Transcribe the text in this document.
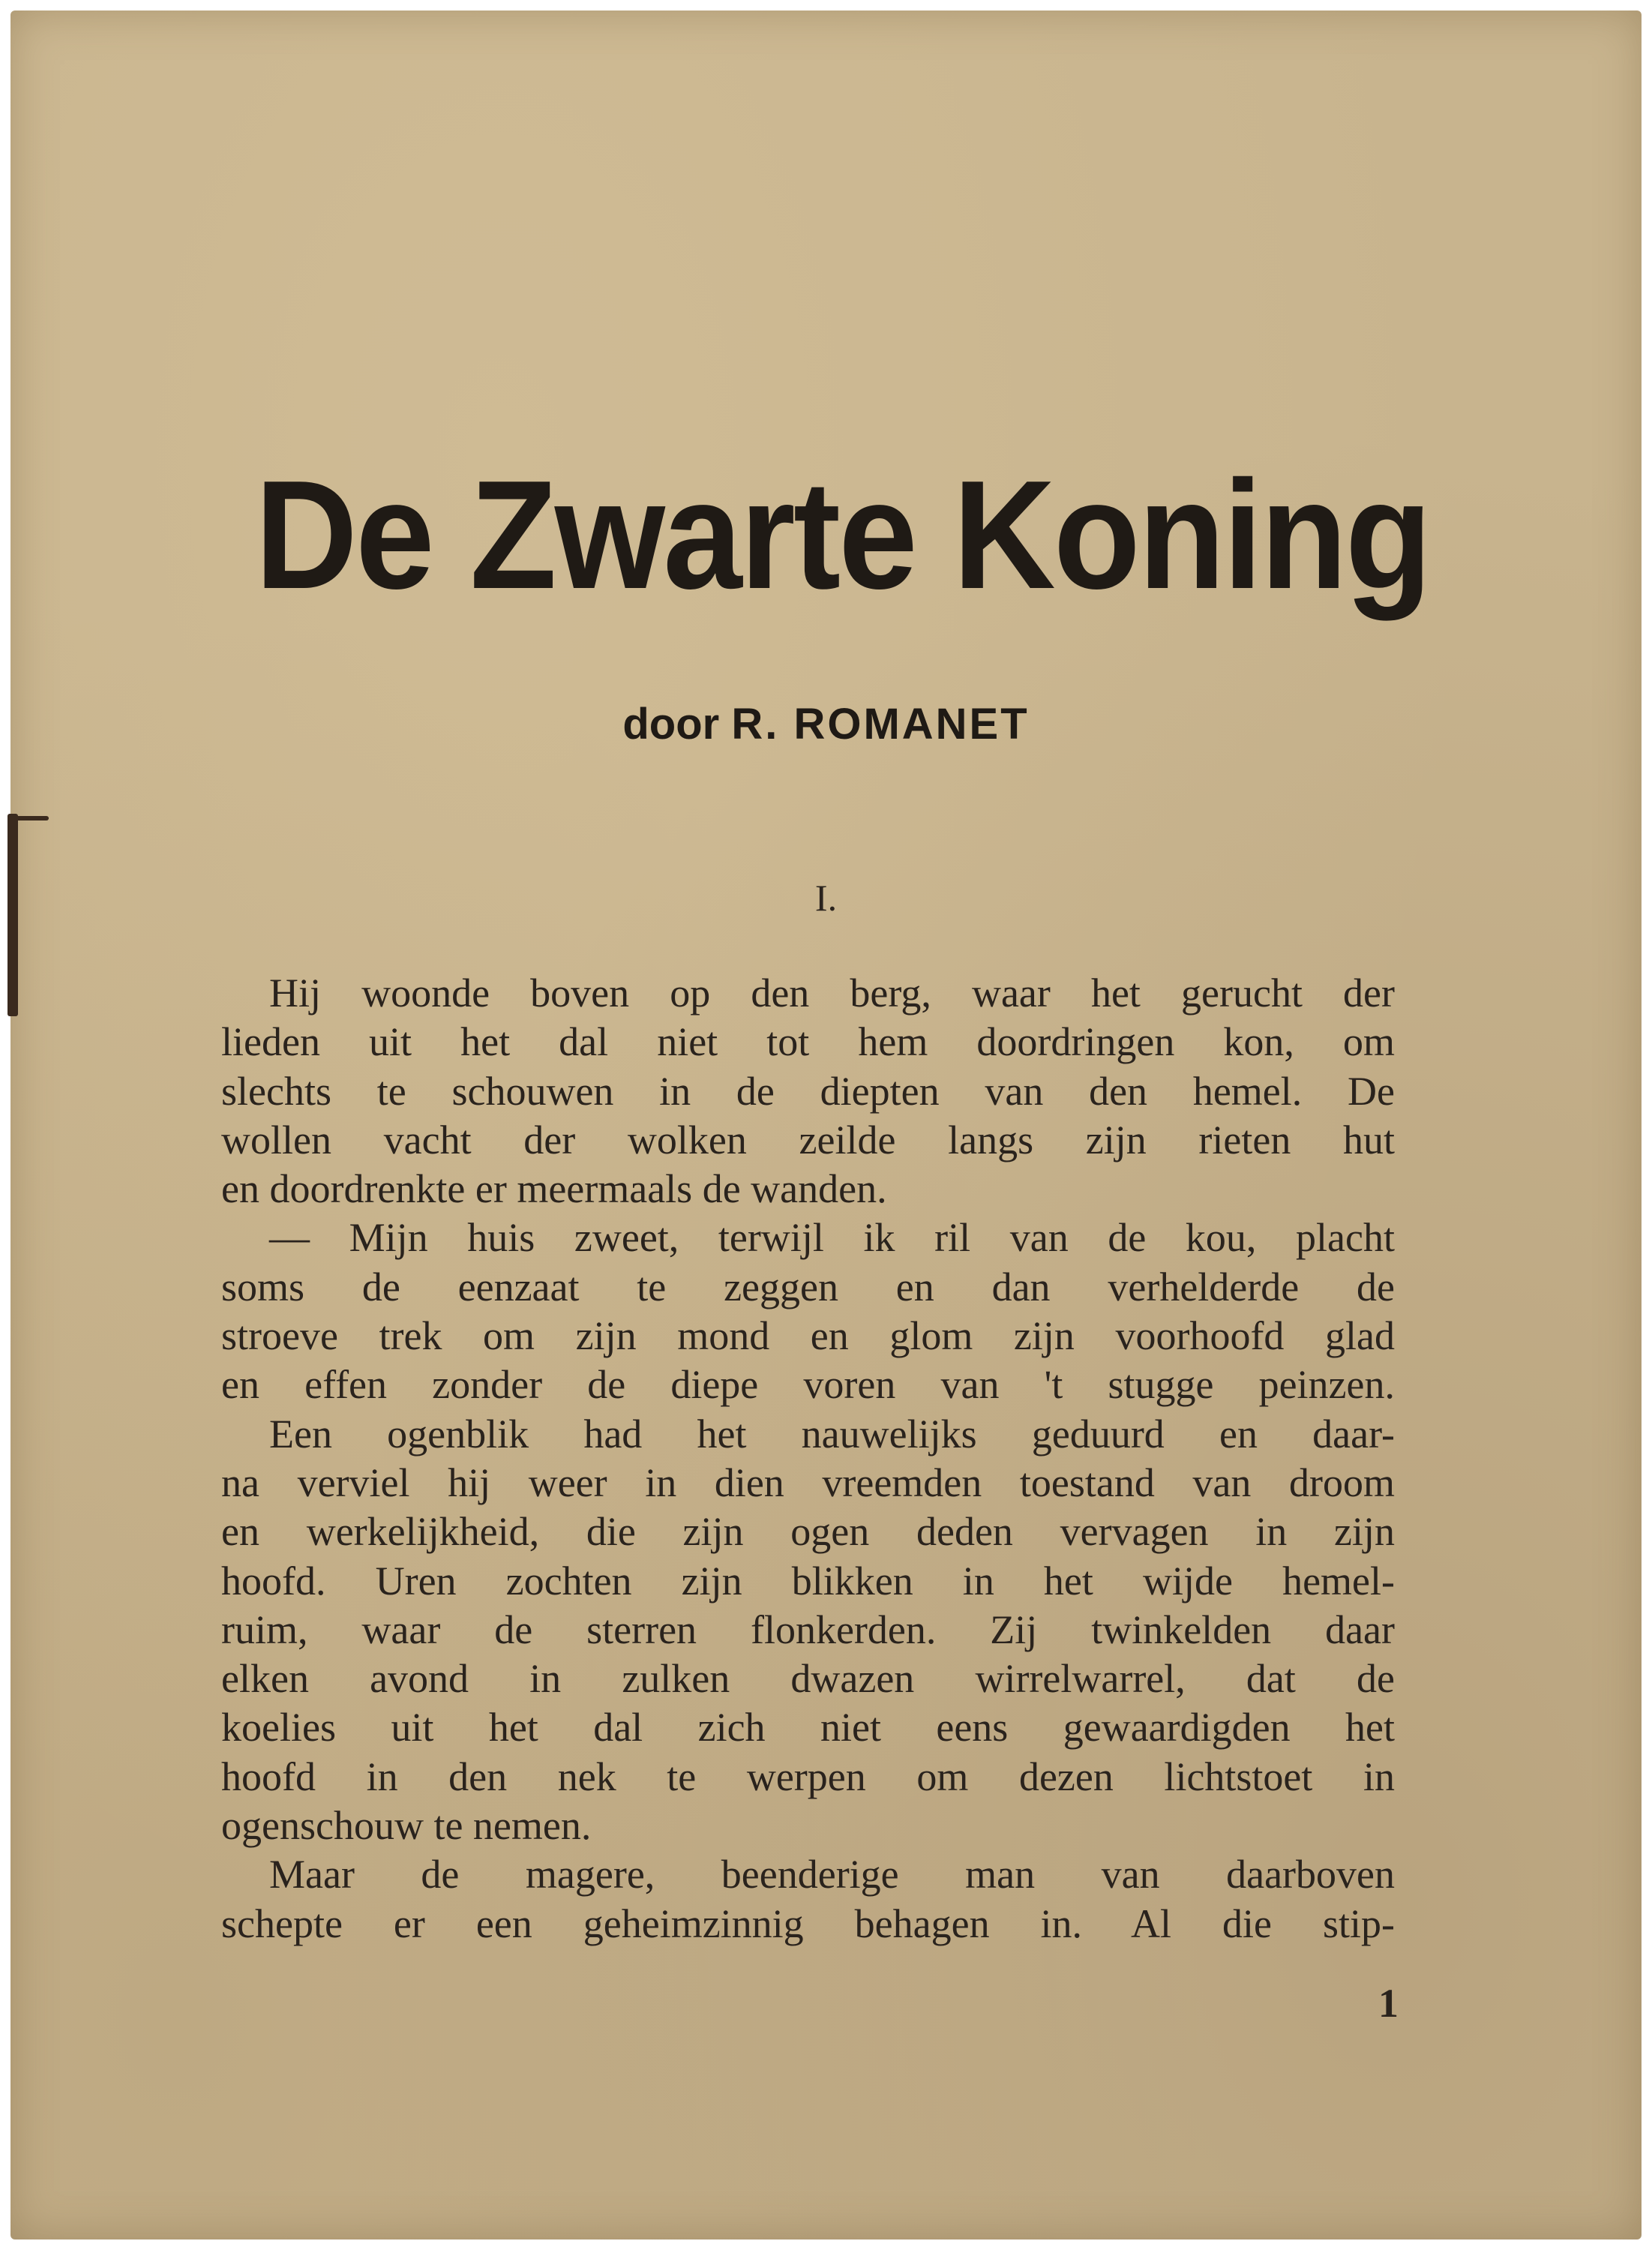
De Zwarte Koning
door R. ROMANET
I.
Hij woonde boven op den berg, waar het gerucht der
lieden uit het dal niet tot hem doordringen kon, om
slechts te schouwen in de diepten van den hemel. De
wollen vacht der wolken zeilde langs zijn rieten hut
en doordrenkte er meermaals de wanden.
— Mijn huis zweet, terwijl ik ril van de kou, placht
soms de eenzaat te zeggen en dan verhelderde de
stroeve trek om zijn mond en glom zijn voorhoofd glad
en effen zonder de diepe voren van 't stugge peinzen.
Een ogenblik had het nauwelijks geduurd en daar-
na verviel hij weer in dien vreemden toestand van droom
en werkelijkheid, die zijn ogen deden vervagen in zijn
hoofd. Uren zochten zijn blikken in het wijde hemel-
ruim, waar de sterren flonkerden. Zij twinkelden daar
elken avond in zulken dwazen wirrelwarrel, dat de
koelies uit het dal zich niet eens gewaardigden het
hoofd in den nek te werpen om dezen lichtstoet in
ogenschouw te nemen.
Maar de magere, beenderige man van daarboven
schepte er een geheimzinnig behagen in. Al die stip-
1
